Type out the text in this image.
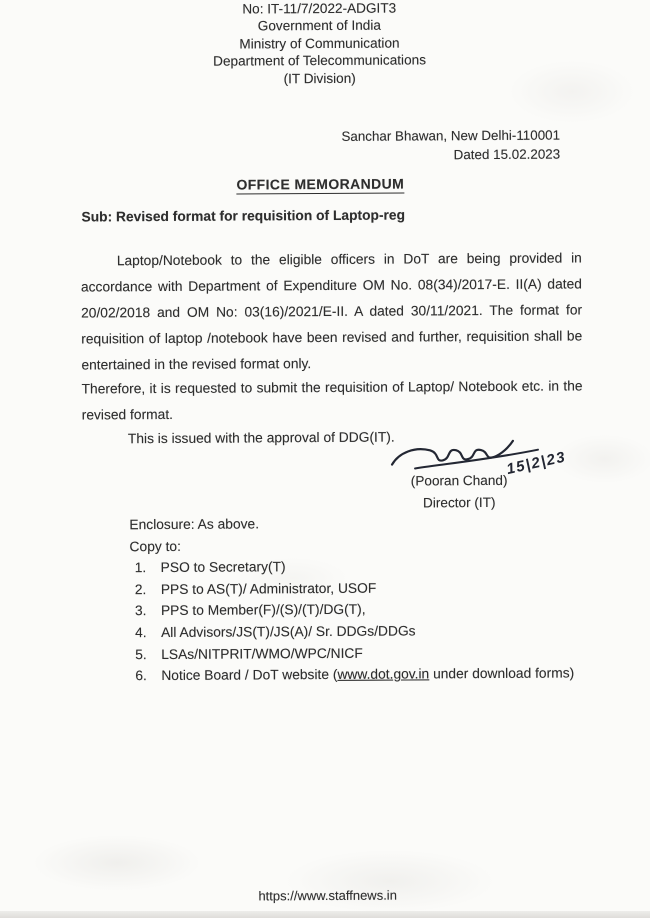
No: IT-11/7/2022-ADGIT3
Government of India
Ministry of Communication
Department of Telecommunications
(IT Division)
Sanchar Bhawan, New Delhi-110001
Dated 15.02.2023
OFFICE MEMORANDUM
Sub: Revised format for requisition of Laptop-reg

Laptop/Notebook to the eligible officers in DoT are being provided in accordance with Department of Expenditure OM No. 08(34)/2017-E. II(A) dated 20/02/2018 and OM No: 03(16)/2021/E-II. A dated 30/11/2021. The format for requisition of laptop /notebook have been revised and further, requisition shall be entertained in the revised format only.

Therefore, it is requested to submit the requisition of Laptop/ Notebook etc. in the revised format.

This is issued with the approval of DDG(IT).
15|2|23
(Pooran Chand)
Director (IT)
Enclosure: As above.
Copy to:
1.	PSO to Secretary(T)
2.	PPS to AS(T)/ Administrator, USOF
3.	PPS to Member(F)/(S)/(T)/DG(T),
4.	All Advisors/JS(T)/JS(A)/ Sr. DDGs/DDGs
5.	LSAs/NITPRIT/WMO/WPC/NICF
6.	Notice Board / DoT website (www.dot.gov.in under download forms)
https://www.staffnews.in
